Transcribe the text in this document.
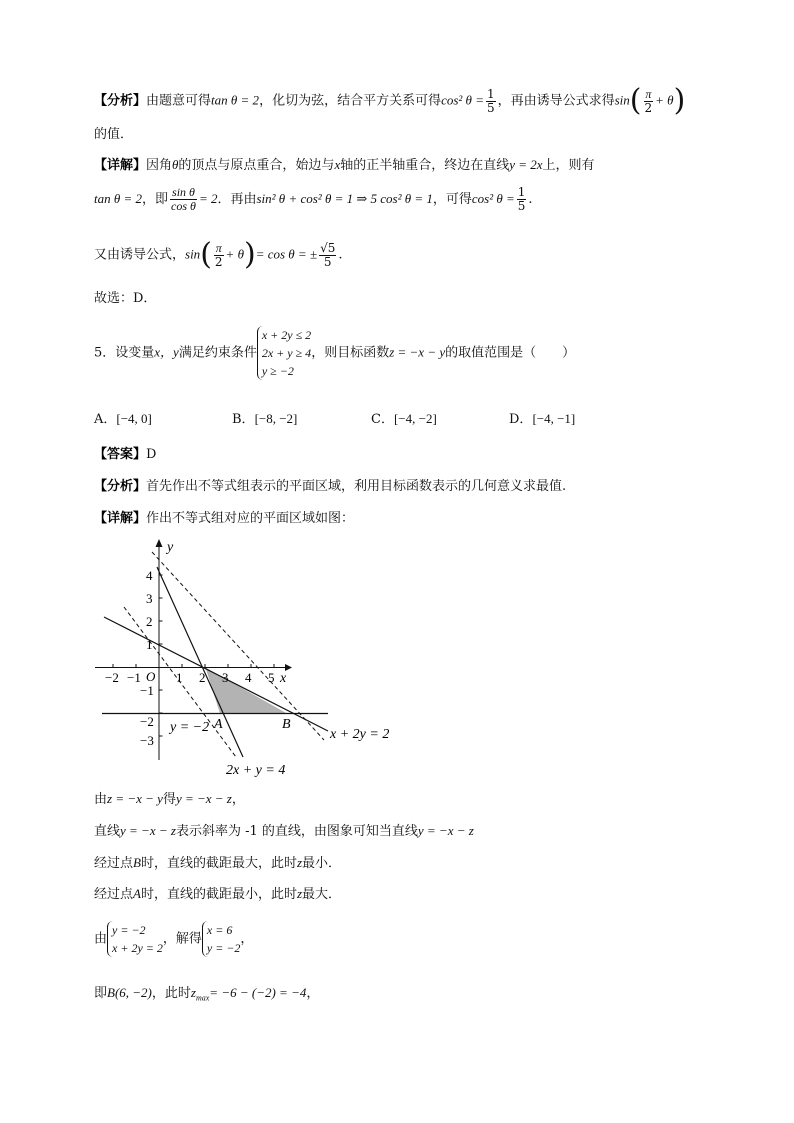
【分析】由题意可得tan θ = 2，化切为弦，结合平方关系可得cos² $\theta = \frac{1}{5}$ ，再由诱导公式求得$\sin( \frac{\pi}{2} + \theta)$
的值．
【详解】因角θ的顶点与原点重合，始边与x轴的正半轴重合，终边在直线y = 2x上，则有
tan θ = 2，即 $\frac{\text{sin θ}}{\text{cos θ}} = 2$．再由sin² θ + cos² θ = 1 ⇒ 5 cos² θ = 1，可得cos² $\theta = \frac{1}{5}$ .
又由诱导公式，$\sin( \frac{\pi}{2} + \theta)= \cos \theta$ = ± $\frac{√5}{5}$ .
故选：D．
5．设变量x，y满足约束条件
x + 2y ≤ 2
2x + y ≥ 4
y ≥ −2
，则目标函数z = −x − y的取值范围是（　　）
A．[−4, 0]	B．[−8, −2]	C．[−4, −2]	D．[−4, −1]
【答案】D
【分析】首先作出不等式组表示的平面区域，利用目标函数表示的几何意义求最值.
【详解】作出不等式组对应的平面区域如图：
y
x
O
−2 −1	1 2 3 4 5
4
3
2
1
−1
−2
−3
A	B
y = −2	x + 2y = 2
2x + y = 4
由z = −x − y得y = −x − z，
直线y = −x − z表示斜率为 -1 的直线，由图象可知当直线y = −x − z
经过点B时，直线的截距最大，此时z最小．
经过点A时，直线的截距最小，此时z最大．
由
y = −2
x + 2y = 2
，解得
x = 6
y = −2
，
即B(6, −2)，此时$z_{max}= -6 - (-2) = -4$，
